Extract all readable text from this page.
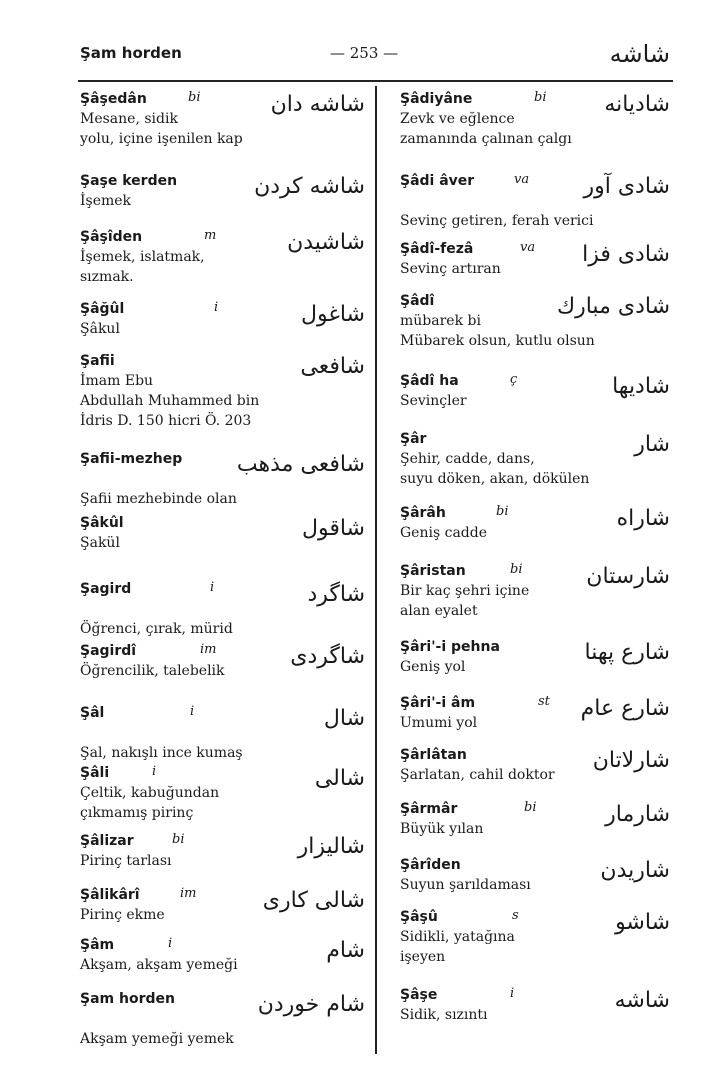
Şam horden	— 253 —	شاشه
Şâşedân	bi	شاشه دان
Mesane, sidik
yolu, içine işenilen kap
Şaşe kerden	شاشه کردن
İşemek
Şâşîden	m	شاشیدن
İşemek, islatmak,
sızmak.
Şâğûl	i	شاغول
Şâkul
Şafii	شافعی
İmam Ebu
Abdullah Muhammed bin
İdris D. 150 hicri Ö. 203
Şafii-mezhep شافعی مذهب

Şafii mezhebinde olan
Şâkûl	شاقول
Şakül
Şagird	i	شاگرد

Öğrenci, çırak, mürid
Şagirdî	im	شاگردی
Öğrencilik, talebelik
Şâl	i	شال

Şal, nakışlı ince kumaş
Şâli	i	شالی
Çeltik, kabuğundan
çıkmamış pirinç
Şâlizar	bi	شالیزار
Pirinç tarlası
Şâlikârî	im	شالی کاری
Pirinç ekme
Şâm	i	شام
Akşam, akşam yemeği
Şam horden	شام خوردن

Akşam yemeği yemek
Şâdiyâne	bi	شادیانه
Zevk ve eğlence
zamanında çalınan çalgı
Şâdi âver	va شادی آور

Sevinç getiren, ferah verici
Şâdî-fezâ	va شادی فزا
Sevinç artıran
Şâdî	شادی مبارك
mübarek bi
Mübarek olsun, kutlu olsun
Şâdî ha	ç	شادیها
Sevinçler
Şâr	شار
Şehir, cadde, dans,
suyu döken, akan, dökülen
Şârâh	bi	شاراه
Geniş cadde
Şâristan	bi	شارستان
Bir kaç şehri içine
alan eyalet
Şâri'-i pehna	شارع پهنا
Geniş yol
Şâri'-i âm	st شارع عام
Umumi yol
Şârlâtan	شارلاتان
Şarlatan, cahil doktor
Şârmâr	bi	شارمار
Büyük yılan
Şârîden	شاریدن
Suyun şarıldaması
Şâşû	s	شاشو
Sidikli, yatağına
işeyen
Şâşe	i	شاشه
Sidik, sızıntı
